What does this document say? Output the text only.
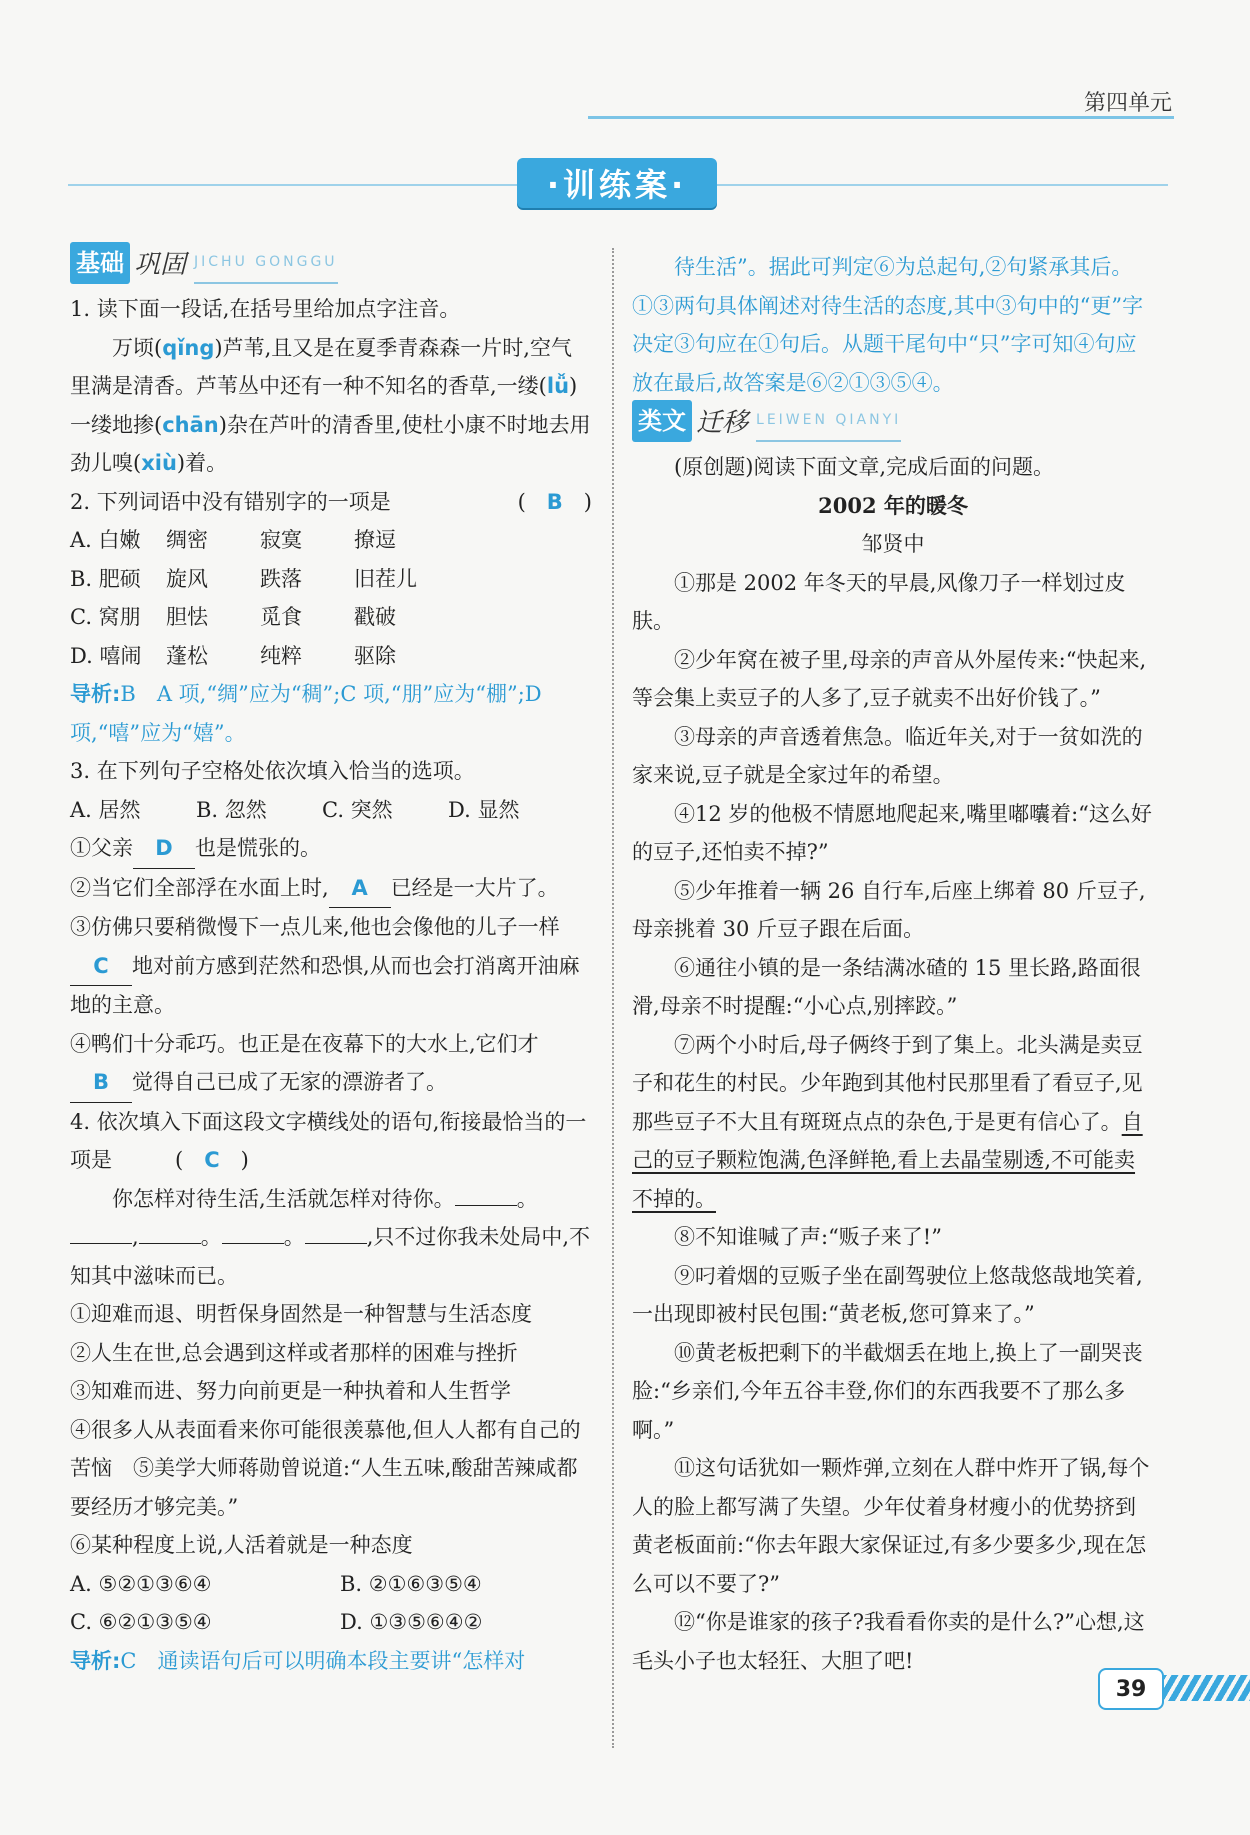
第四单元
·训练案·
基础 巩固 JICHU GONGGU

1. 读下面一段话,在括号里给加点字注音。

万顷(qǐng)芦苇,且又是在夏季青森森一片时,空气里满是清香。芦苇丛中还有一种不知名的香草,一缕(lǚ)一缕地掺(chān)杂在芦叶的清香里,使杜小康不时地去用劲儿嗅(xiù)着。

2. 下列词语中没有错别字的一项是	(　B　)

A. 白嫩 绸密 寂寞 撩逗

B. 肥硕 旋风 跌落 旧茬儿

C. 窝朋 胆怯 觅食 戳破

D. 嘻闹 蓬松 纯粹 驱除

导析:B　A 项,“绸”应为“稠”;C 项,“朋”应为“棚”;D 项,“嘻”应为“嬉”。

3. 在下列句子空格处依次填入恰当的选项。

A. 居然	B. 忽然	C. 突然	D. 显然

①父亲 D 也是慌张的。

②当它们全部浮在水面上时, A 已经是一大片了。

③仿佛只要稍微慢下一点儿来,他也会像他的儿子一样C 地对前方感到茫然和恐惧,从而也会打消离开油麻地的主意。

④鸭们十分乖巧。也正是在夜幕下的大水上,它们才B 觉得自己已成了无家的漂游者了。

4. 依次填入下面这段文字横线处的语句,衔接最恰当的一项是　　　(　C　)

你怎样对待生活,生活就怎样对待你。	。,	。	。	,只不过你我未处局中,不知其中滋味而已。

①迎难而退、明哲保身固然是一种智慧与生活态度

②人生在世,总会遇到这样或者那样的困难与挫折

③知难而进、努力向前更是一种执着和人生哲学

④很多人从表面看来你可能很羡慕他,但人人都有自己的苦恼　⑤美学大师蒋勋曾说道:“人生五味,酸甜苦辣咸都要经历才够完美。”

⑥某种程度上说,人活着就是一种态度

A. ⑤②①③⑥④	B. ②①⑥③⑤④

C. ⑥②①③⑤④	D. ①③⑤⑥④②

导析:C　通读语句后可以明确本段主要讲“怎样对

待生活”。据此可判定⑥为总起句,②句紧承其后。①③两句具体阐述对待生活的态度,其中③句中的“更”字决定③句应在①句后。从题干尾句中“只”字可知④句应放在最后,故答案是⑥②①③⑤④。

类文 迁移 LEIWEN QIANYI

(原创题)阅读下面文章,完成后面的问题。

2002 年的暖冬

邹贤中

①那是 2002 年冬天的早晨,风像刀子一样划过皮肤。

②少年窝在被子里,母亲的声音从外屋传来:“快起来,等会集上卖豆子的人多了,豆子就卖不出好价钱了。”

③母亲的声音透着焦急。临近年关,对于一贫如洗的家来说,豆子就是全家过年的希望。

④12 岁的他极不情愿地爬起来,嘴里嘟囔着:“这么好的豆子,还怕卖不掉?”

⑤少年推着一辆 26 自行车,后座上绑着 80 斤豆子,母亲挑着 30 斤豆子跟在后面。

⑥通往小镇的是一条结满冰碴的 15 里长路,路面很滑,母亲不时提醒:“小心点,别摔跤。”

⑦两个小时后,母子俩终于到了集上。北头满是卖豆子和花生的村民。少年跑到其他村民那里看了看豆子,见那些豆子不大且有斑斑点点的杂色,于是更有信心了。自己的豆子颗粒饱满,色泽鲜艳,看上去晶莹剔透,不可能卖不掉的。

⑧不知谁喊了声:“贩子来了!”

⑨叼着烟的豆贩子坐在副驾驶位上悠哉悠哉地笑着,一出现即被村民包围:“黄老板,您可算来了。”

⑩黄老板把剩下的半截烟丢在地上,换上了一副哭丧脸:“乡亲们,今年五谷丰登,你们的东西我要不了那么多啊。”

⑪这句话犹如一颗炸弹,立刻在人群中炸开了锅,每个人的脸上都写满了失望。少年仗着身材瘦小的优势挤到黄老板面前:“你去年跟大家保证过,有多少要多少,现在怎么可以不要了?”

⑫“你是谁家的孩子?我看看你卖的是什么?”心想,这毛头小子也太轻狂、大胆了吧!

39
